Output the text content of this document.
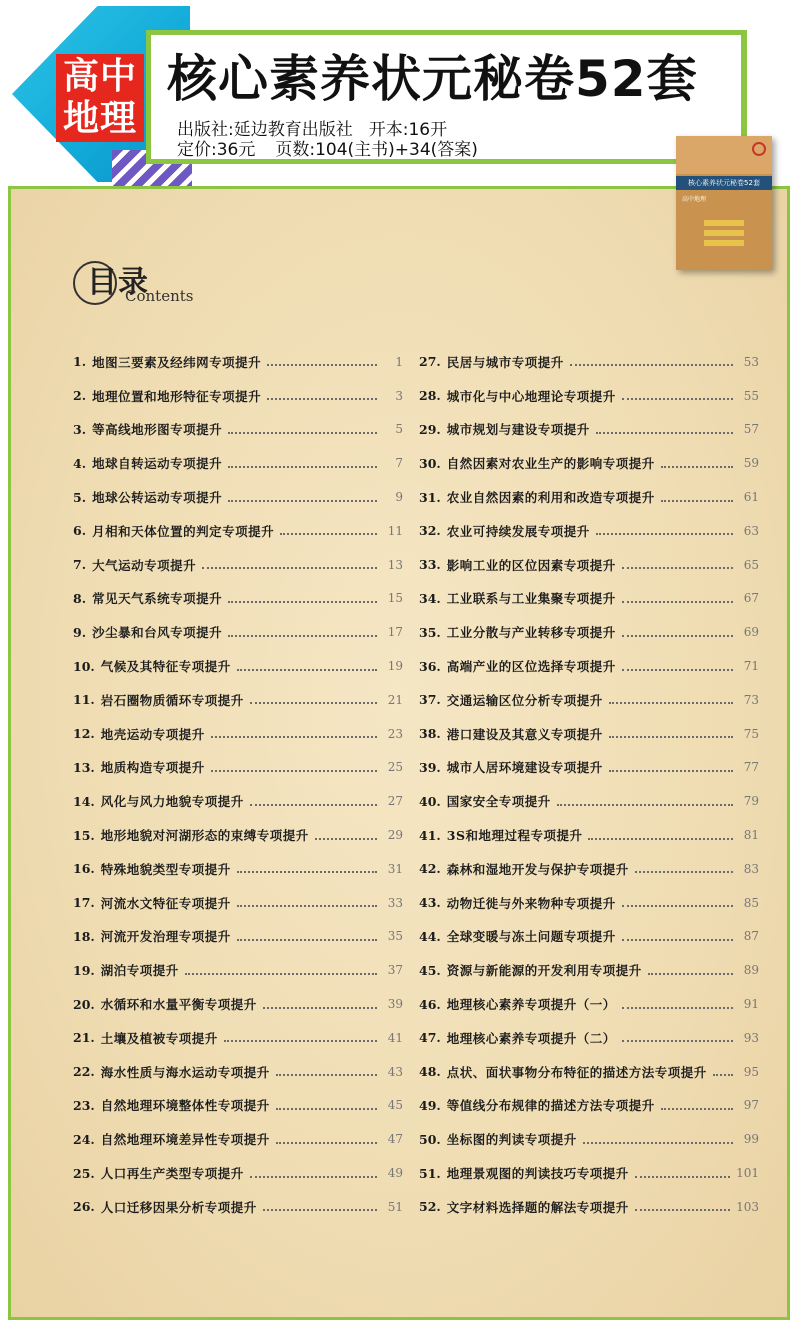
高中
地理
核心素养状元秘卷52套
出版社:延边教育出版社 开本:16开
定价:36元 页数:104(主书)+34(答案)
目录
Contents
1. 地图三要素及经纬网专项提升	1
2. 地理位置和地形特征专项提升	3
3. 等高线地形图专项提升	5
4. 地球自转运动专项提升	7
5. 地球公转运动专项提升	9
6. 月相和天体位置的判定专项提升	11
7. 大气运动专项提升	13
8. 常见天气系统专项提升	15
9. 沙尘暴和台风专项提升	17
10. 气候及其特征专项提升	19
11. 岩石圈物质循环专项提升	21
12. 地壳运动专项提升	23
13. 地质构造专项提升	25
14. 风化与风力地貌专项提升	27
15. 地形地貌对河湖形态的束缚专项提升	29
16. 特殊地貌类型专项提升	31
17. 河流水文特征专项提升	33
18. 河流开发治理专项提升	35
19. 湖泊专项提升	37
20. 水循环和水量平衡专项提升	39
21. 土壤及植被专项提升	41
22. 海水性质与海水运动专项提升	43
23. 自然地理环境整体性专项提升	45
24. 自然地理环境差异性专项提升	47
25. 人口再生产类型专项提升	49
26. 人口迁移因果分析专项提升	51
27. 民居与城市专项提升	53
28. 城市化与中心地理论专项提升	55
29. 城市规划与建设专项提升	57
30. 自然因素对农业生产的影响专项提升	59
31. 农业自然因素的利用和改造专项提升	61
32. 农业可持续发展专项提升	63
33. 影响工业的区位因素专项提升	65
34. 工业联系与工业集聚专项提升	67
35. 工业分散与产业转移专项提升	69
36. 高端产业的区位选择专项提升	71
37. 交通运输区位分析专项提升	73
38. 港口建设及其意义专项提升	75
39. 城市人居环境建设专项提升	77
40. 国家安全专项提升	79
41. 3S和地理过程专项提升	81
42. 森林和湿地开发与保护专项提升	83
43. 动物迁徙与外来物种专项提升	85
44. 全球变暖与冻土问题专项提升	87
45. 资源与新能源的开发利用专项提升	89
46. 地理核心素养专项提升（一）	91
47. 地理核心素养专项提升（二）	93
48. 点状、面状事物分布特征的描述方法专项提升	95
49. 等值线分布规律的描述方法专项提升	97
50. 坐标图的判读专项提升	99
51. 地理景观图的判读技巧专项提升	101
52. 文字材料选择题的解法专项提升	103
核心素养状元秘卷52套
高中地理
